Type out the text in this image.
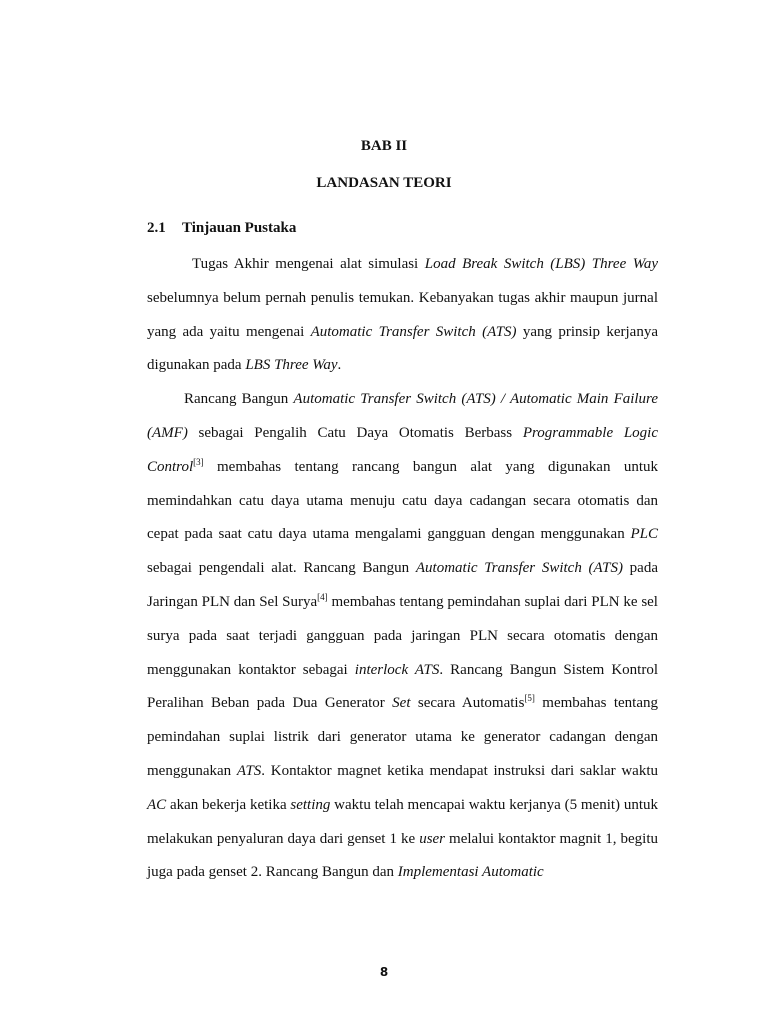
BAB II
LANDASAN TEORI
2.1 Tinjauan Pustaka

Tugas Akhir mengenai alat simulasi Load Break Switch (LBS) Three Way sebelumnya belum pernah penulis temukan. Kebanyakan tugas akhir maupun jurnal yang ada yaitu mengenai Automatic Transfer Switch (ATS) yang prinsip kerjanya digunakan pada LBS Three Way.

Rancang Bangun Automatic Transfer Switch (ATS) / Automatic Main Failure (AMF) sebagai Pengalih Catu Daya Otomatis Berbass Programmable Logic Control[3] membahas tentang rancang bangun alat yang digunakan untuk memindahkan catu daya utama menuju catu daya cadangan secara otomatis dan cepat pada saat catu daya utama mengalami gangguan dengan menggunakan PLC sebagai pengendali alat. Rancang Bangun Automatic Transfer Switch (ATS) pada Jaringan PLN dan Sel Surya[4] membahas tentang pemindahan suplai dari PLN ke sel surya pada saat terjadi gangguan pada jaringan PLN secara otomatis dengan menggunakan kontaktor sebagai interlock ATS. Rancang Bangun Sistem Kontrol Peralihan Beban pada Dua Generator Set secara Automatis[5] membahas tentang pemindahan suplai listrik dari generator utama ke generator cadangan dengan menggunakan ATS. Kontaktor magnet ketika mendapat instruksi dari saklar waktu AC akan bekerja ketika setting waktu telah mencapai waktu kerjanya (5 menit) untuk melakukan penyaluran daya dari genset 1 ke user melalui kontaktor magnit 1, begitu juga pada genset 2. Rancang Bangun dan Implementasi Automatic

8
